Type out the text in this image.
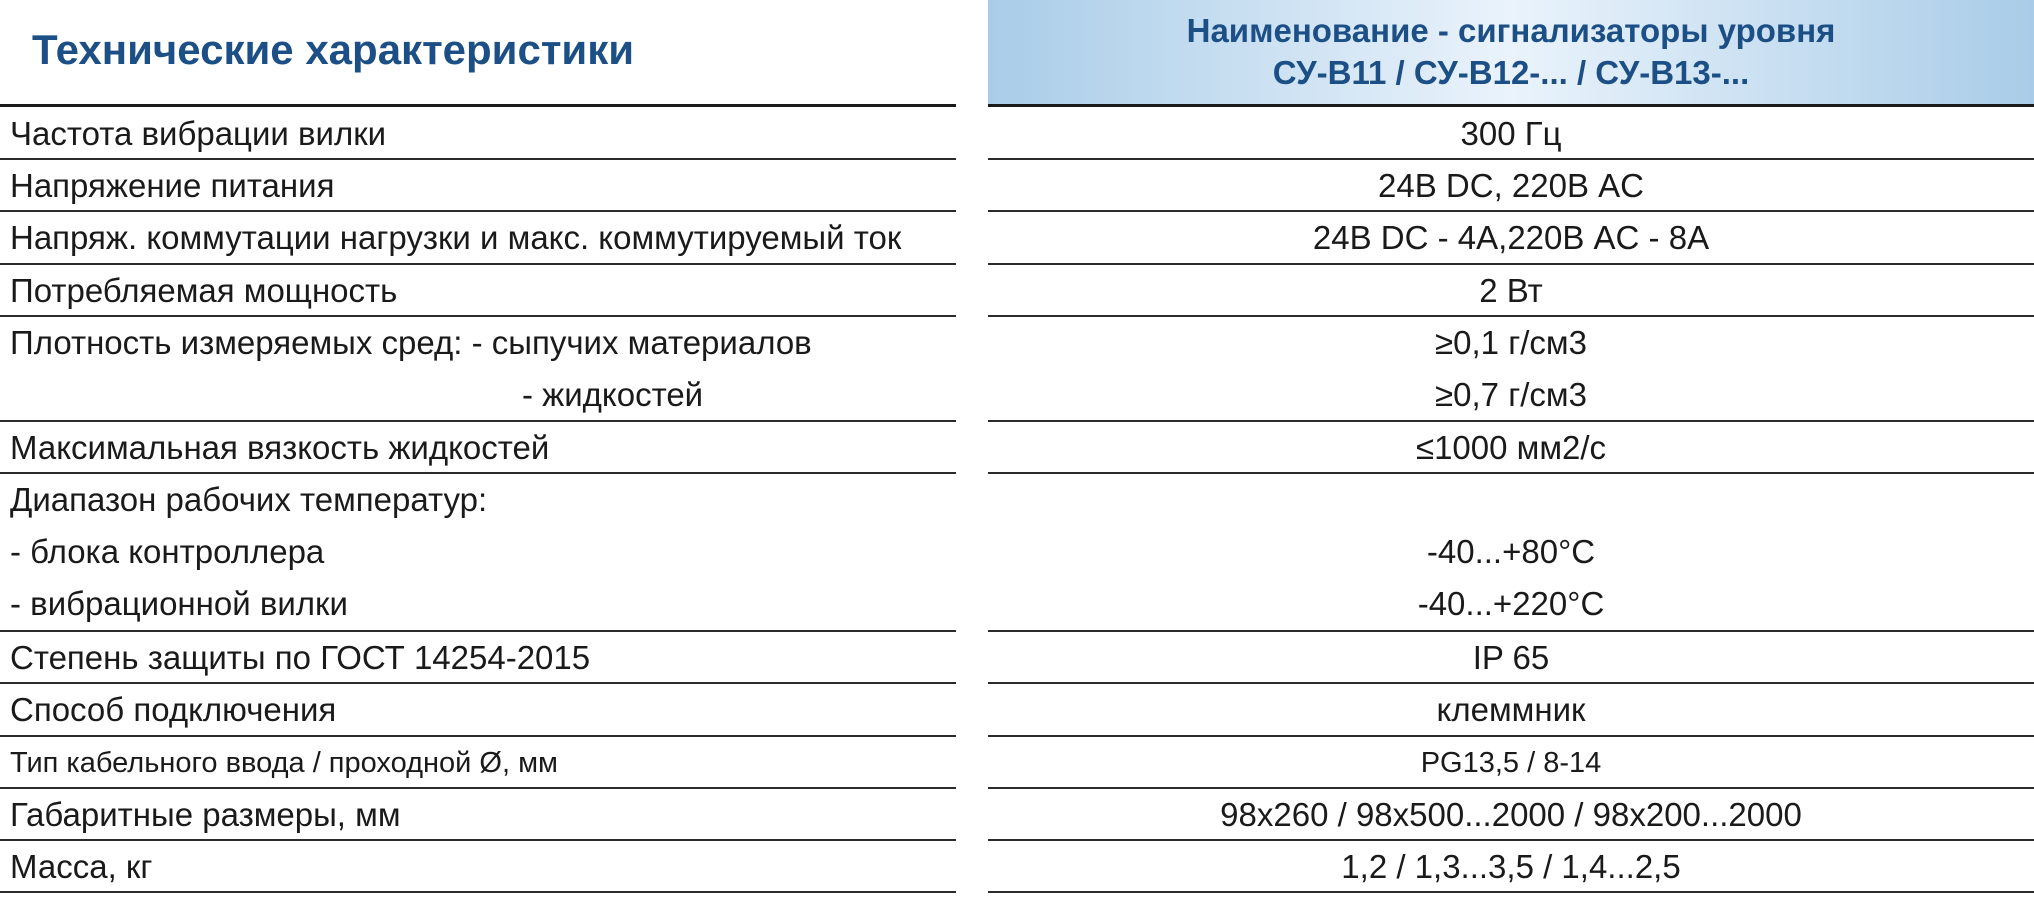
Технические характеристики	Наименование - сигнализаторы уровня
СУ-В11 / СУ-В12-... / СУ-В13-...
Частота вибрации вилки	300 Гц
Напряжение питания	24В DC, 220В AC
Напряж. коммутации нагрузки и макс. коммутируемый ток	24В DC - 4А,220В AC - 8А
Потребляемая мощность	2 Вт
Плотность измеряемых сред: - сыпучих материалов	≥0,1 г/см3
- жидкостей	≥0,7 г/см3
Максимальная вязкость жидкостей	≤1000 мм2/с
Диапазон рабочих температур:
- блока контроллера	-40...+80°C
- вибрационной вилки	-40...+220°C
Степень защиты по ГОСТ 14254-2015	IP 65
Способ подключения	клеммник
Тип кабельного ввода / проходной Ø, мм	PG13,5 / 8-14
Габаритные размеры, мм	98x260 / 98x500...2000 / 98x200...2000
Масса, кг	1,2 / 1,3...3,5 / 1,4...2,5
